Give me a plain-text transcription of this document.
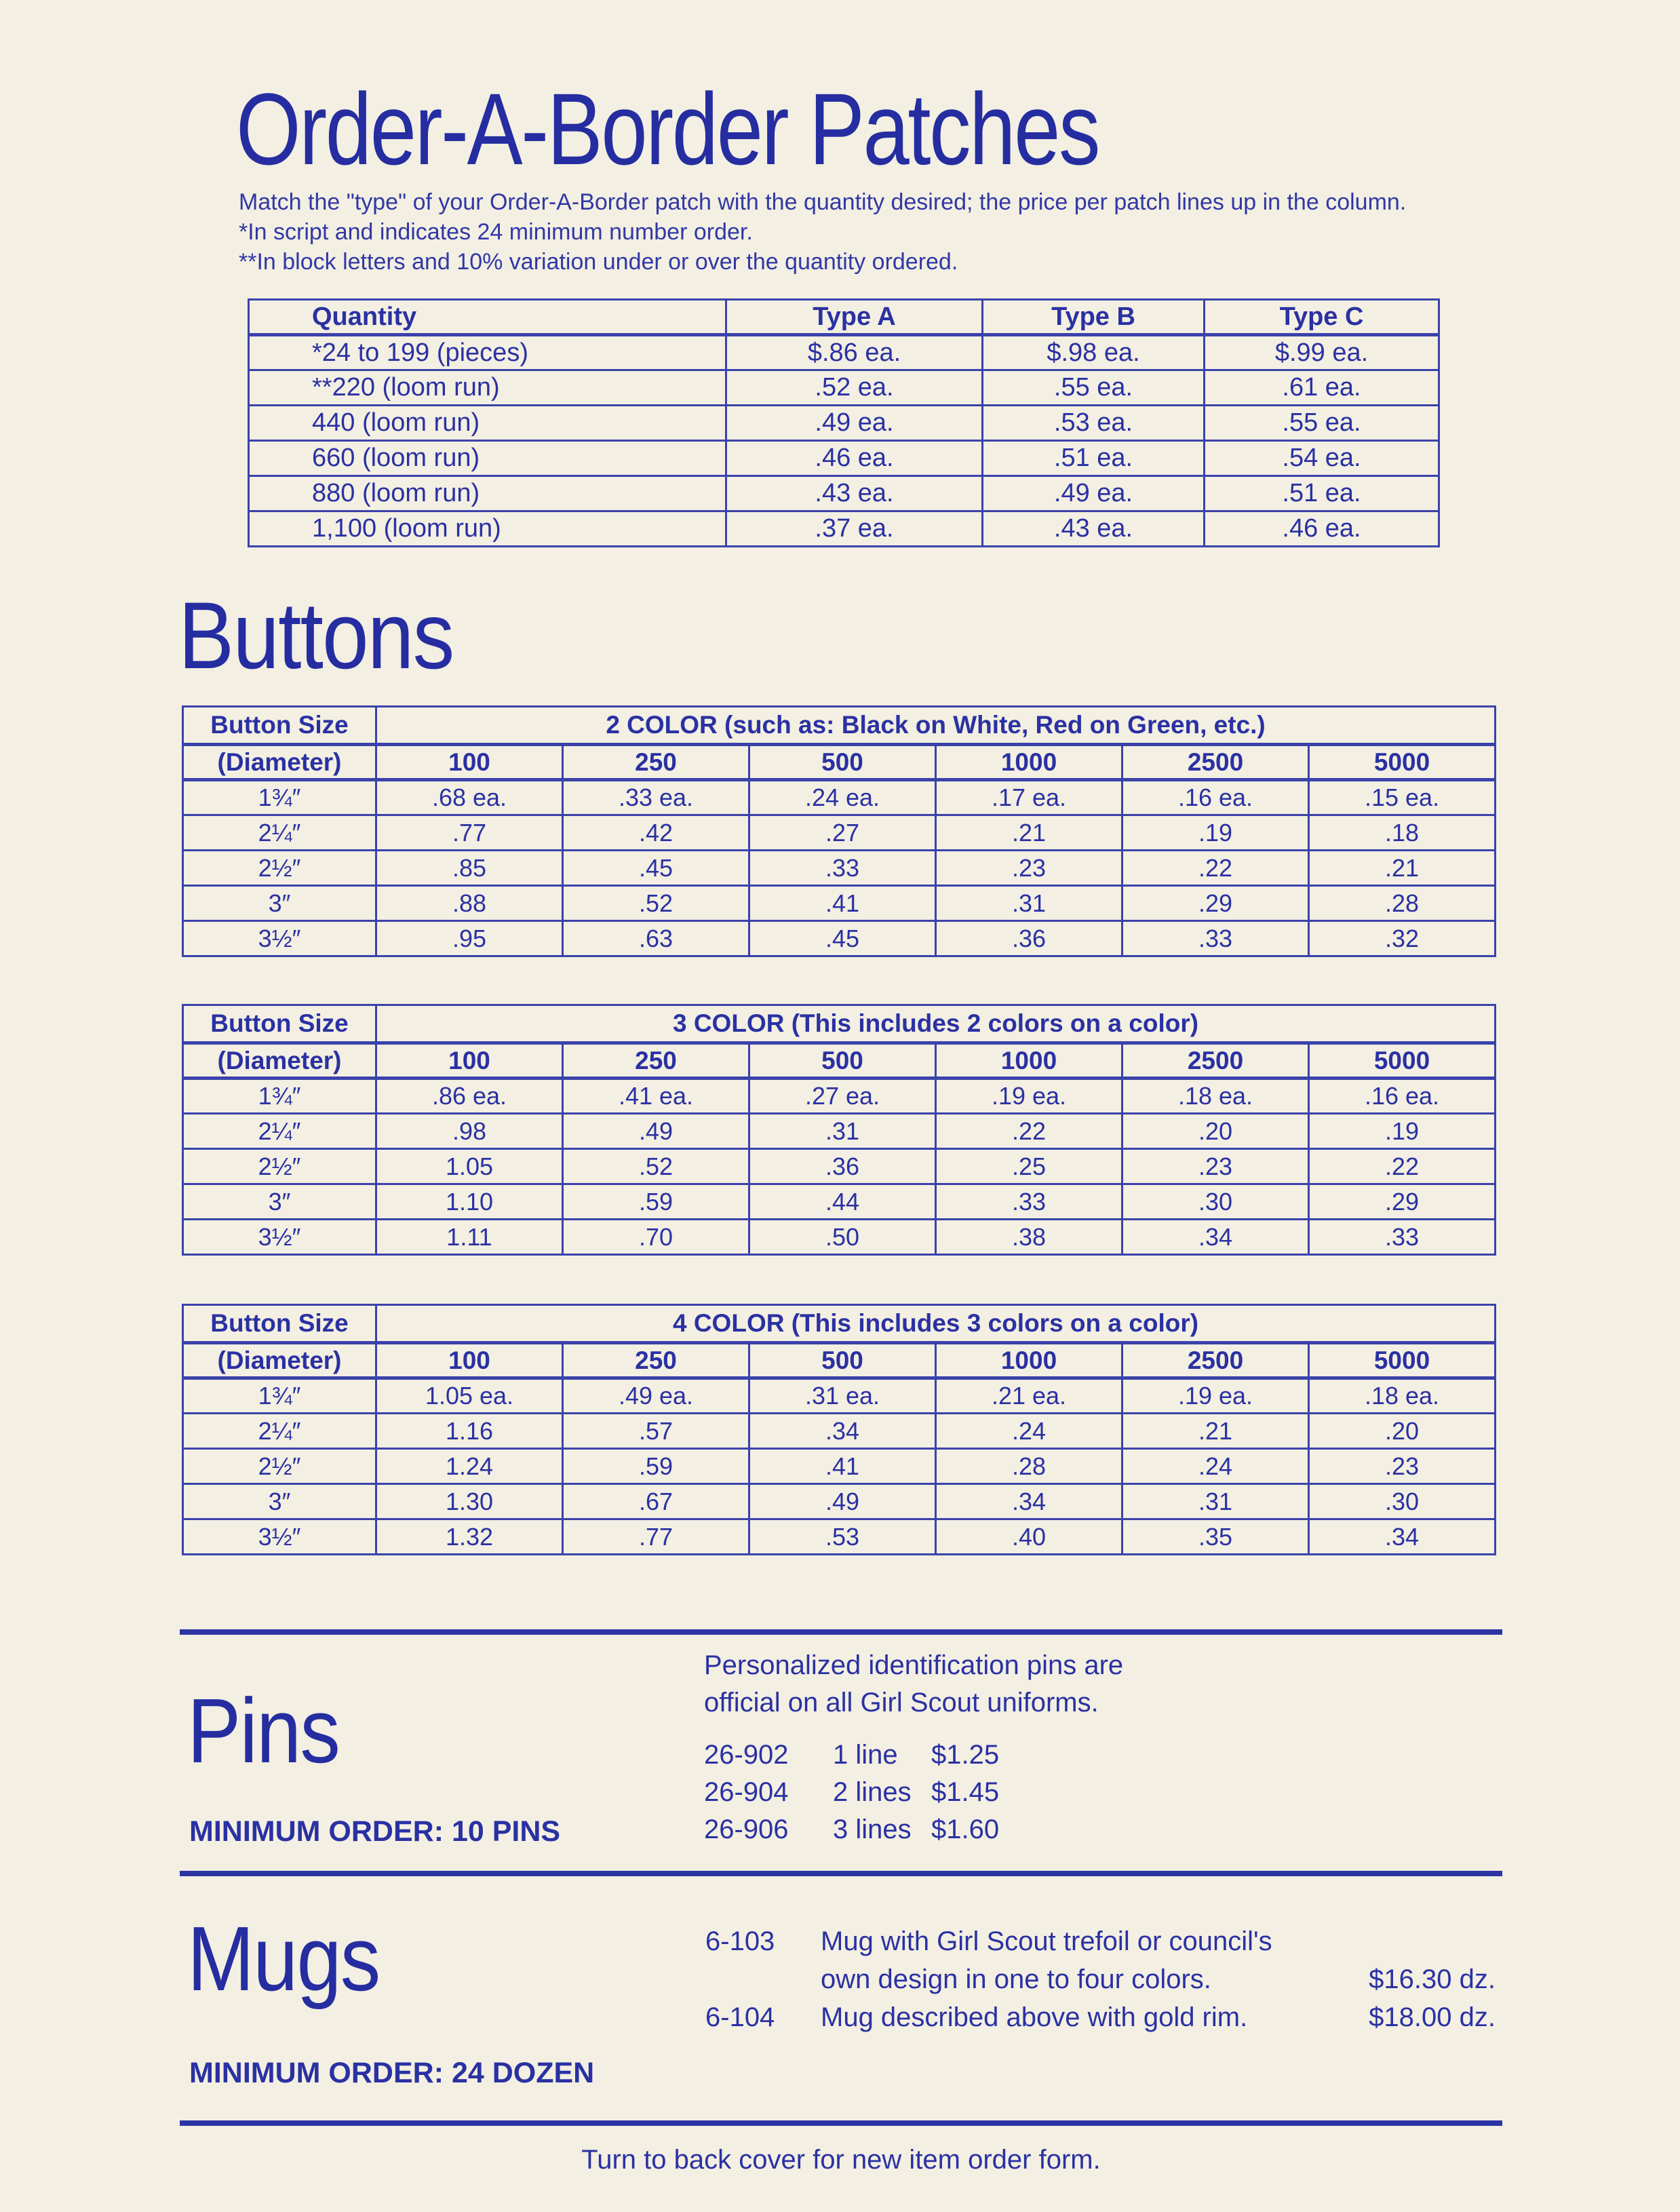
Order-A-Border Patches
Match the "type" of your Order-A-Border patch with the quantity desired; the price per patch lines up in the column.
*In script and indicates 24 minimum number order.
**In block letters and 10% variation under or over the quantity ordered.
Quantity	Type A	Type B	Type C
*24 to 199 (pieces)	$.86 ea.	$.98 ea.	$.99 ea.
**220 (loom run)	.52 ea.	.55 ea.	.61 ea.
440 (loom run)	.49 ea.	.53 ea.	.55 ea.
660 (loom run)	.46 ea.	.51 ea.	.54 ea.
880 (loom run)	.43 ea.	.49 ea.	.51 ea.
1,100 (loom run)	.37 ea.	.43 ea.	.46 ea.
Buttons
Button Size	2 COLOR (such as: Black on White, Red on Green, etc.)					
(Diameter)	100	250	500	1000	2500	5000
1¾″	.68 ea.	.33 ea.	.24 ea.	.17 ea.	.16 ea.	.15 ea.
2¼″	.77	.42	.27	.21	.19	.18
2½″	.85	.45	.33	.23	.22	.21
3″	.88	.52	.41	.31	.29	.28
3½″	.95	.63	.45	.36	.33	.32
Button Size	3 COLOR (This includes 2 colors on a color)					
(Diameter)	100	250	500	1000	2500	5000
1¾″	.86 ea.	.41 ea.	.27 ea.	.19 ea.	.18 ea.	.16 ea.
2¼″	.98	.49	.31	.22	.20	.19
2½″	1.05	.52	.36	.25	.23	.22
3″	1.10	.59	.44	.33	.30	.29
3½″	1.11	.70	.50	.38	.34	.33
Button Size	4 COLOR (This includes 3 colors on a color)					
(Diameter)	100	250	500	1000	2500	5000
1¾″	1.05 ea.	.49 ea.	.31 ea.	.21 ea.	.19 ea.	.18 ea.
2¼″	1.16	.57	.34	.24	.21	.20
2½″	1.24	.59	.41	.28	.24	.23
3″	1.30	.67	.49	.34	.31	.30
3½″	1.32	.77	.53	.40	.35	.34
Pins
Personalized identification pins are
official on all Girl Scout uniforms.
26-902	1 line	$1.25
26-904	2 lines	$1.45
26-906	3 lines	$1.60
MINIMUM ORDER: 10 PINS
Mugs	6-103	Mug with Girl Scout trefoil or council's	
	own design in one to four colors.	$16.30 dz.
6-104	Mug described above with gold rim.	$18.00 dz.
MINIMUM ORDER: 24 DOZEN
Turn to back cover for new item order form.
